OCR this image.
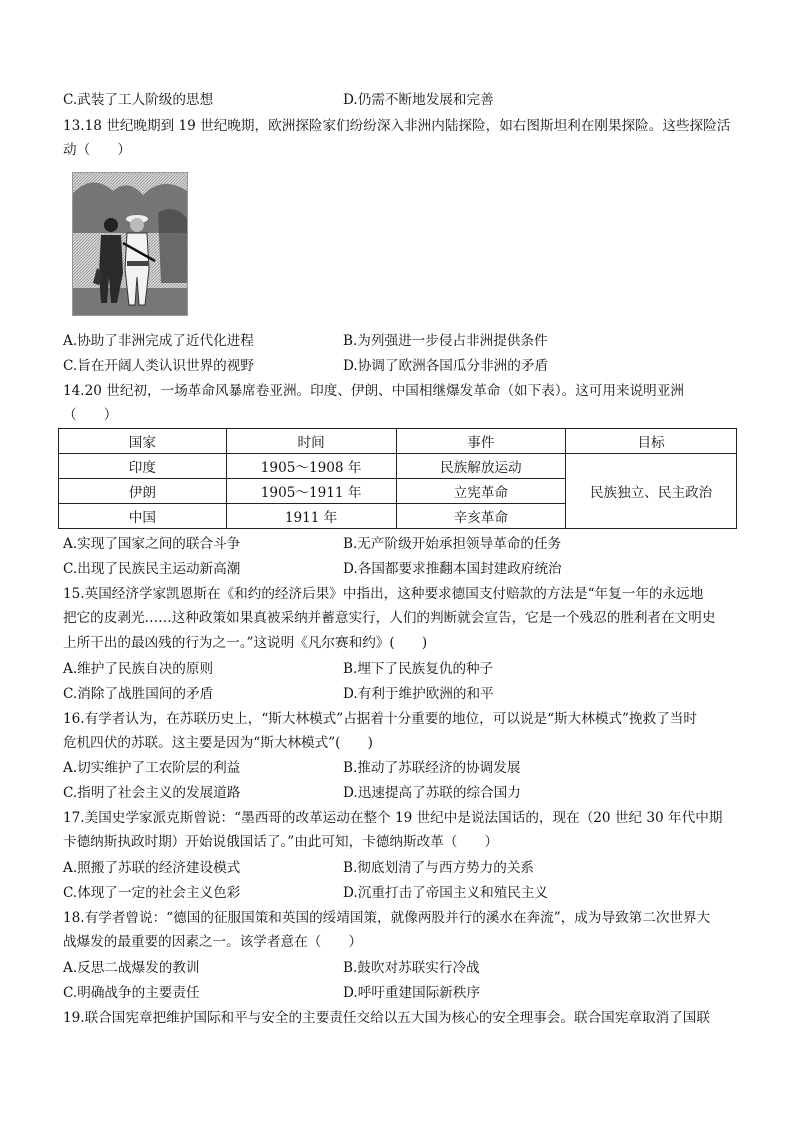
C.武装了工人阶级的思想	D.仍需不断地发展和完善
13.18 世纪晚期到 19 世纪晚期，欧洲探险家们纷纷深入非洲内陆探险，如右图斯坦利在刚果探险。这些探险活
动（　　）
A.协助了非洲完成了近代化进程	B.为列强进一步侵占非洲提供条件
C.旨在开阔人类认识世界的视野	D.协调了欧洲各国瓜分非洲的矛盾
14.20 世纪初，一场革命风暴席卷亚洲。印度、伊朗、中国相继爆发革命（如下表）。这可用来说明亚洲
（　　）
国家	时间	事件	目标
印度	1905～1908 年	民族解放运动	民族独立、民主政治
伊朗	1905～1911 年	立宪革命	
中国	1911 年	辛亥革命	
A.实现了国家之间的联合斗争	B.无产阶级开始承担领导革命的任务
C.出现了民族民主运动新高潮	D.各国都要求推翻本国封建政府统治
15.英国经济学家凯恩斯在《和约的经济后果》中指出，这种要求德国支付赔款的方法是“年复一年的永远地
把它的皮剥光……这种政策如果真被采纳并蓄意实行，人们的判断就会宣告，它是一个残忍的胜利者在文明史
上所干出的最凶残的行为之一。”这说明《凡尔赛和约》(　　)
A.维护了民族自决的原则	B.埋下了民族复仇的种子
C.消除了战胜国间的矛盾	D.有利于维护欧洲的和平
16.有学者认为，在苏联历史上，“斯大林模式”占据着十分重要的地位，可以说是“斯大林模式”挽救了当时
危机四伏的苏联。这主要是因为“斯大林模式”(　　)
A.切实维护了工农阶层的利益	B.推动了苏联经济的协调发展
C.指明了社会主义的发展道路	D.迅速提高了苏联的综合国力
17.美国史学家派克斯曾说：“墨西哥的改革运动在整个 19 世纪中是说法国话的，现在（20 世纪 30 年代中期
卡德纳斯执政时期）开始说俄国话了。”由此可知，卡德纳斯改革（　　）
A.照搬了苏联的经济建设模式	B.彻底划清了与西方势力的关系
C.体现了一定的社会主义色彩	D.沉重打击了帝国主义和殖民主义
18.有学者曾说：“德国的征服国策和英国的绥靖国策，就像两股并行的溪水在奔流”，成为导致第二次世界大
战爆发的最重要的因素之一。该学者意在（　　）
A.反思二战爆发的教训	B.鼓吹对苏联实行冷战
C.明确战争的主要责任	D.呼吁重建国际新秩序
19.联合国宪章把维护国际和平与安全的主要责任交给以五大国为核心的安全理事会。联合国宪章取消了国联
